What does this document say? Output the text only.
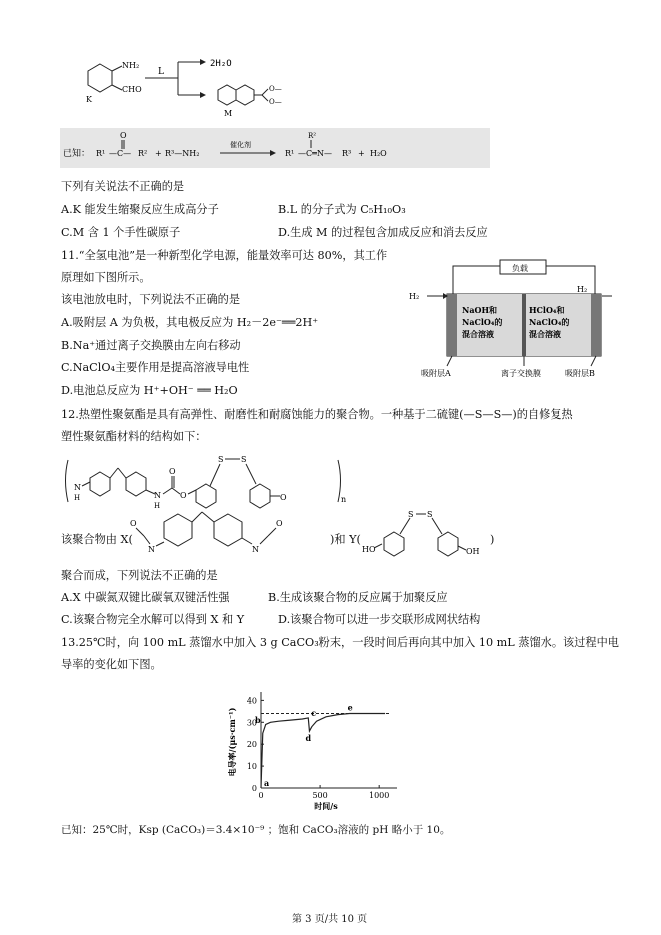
NH₂
CHO
K
L
2H₂O
O—
O—
M
已知： R¹ —C—
O
R² + R³—NH₂
催化剂
R¹ —C═N—
R²
R³ + H₂O
下列有关说法不正确的是
A.K 能发生缩聚反应生成高分子	B.L 的分子式为 C₅H₁₀O₃
C.M 含 1 个手性碳原子	D.生成 M 的过程包含加成反应和消去反应
11.“全氢电池”是一种新型化学电源，能量效率可达 80%，其工作
原理如下图所示。
该电池放电时，下列说法不正确的是
A.吸附层 A 为负极，其电极反应为 H₂－2e⁻══2H⁺
B.Na⁺通过离子交换膜由左向右移动
C.NaClO₄主要作用是提高溶液导电性
D.电池总反应为 H⁺+OH⁻ ══ H₂O
负载
NaOH和
NaClO₄的
混合溶液
HClO₄和
NaClO₄的
混合溶液
H₂
H₂
吸附层A	离子交换膜	吸附层B
12.热塑性聚氨酯是具有高弹性、耐磨性和耐腐蚀能力的聚合物。一种基于二硫键(—S—S—)的自修复热
塑性聚氨酯材料的结构如下：
n
N
H	N
H
O
O
S S
O
该聚合物由 X(
O
N	N
O
)和 Y(
HO
S S
OH
)
聚合而成，下列说法不正确的是
A.X 中碳氮双键比碳氧双键活性强	B.生成该聚合物的反应属于加聚反应
C.该聚合物完全水解可以得到 X 和 Y	D.该聚合物可以进一步交联形成网状结构
13.25℃时，向 100 mL 蒸馏水中加入 3 g CaCO₃粉末，一段时间后再向其中加入 10 mL 蒸馏水。该过程中电
导率的变化如下图。
0
10
20
30
40
0	500	1000
时间/s
电导率/(μs·cm⁻¹)
a
b
c
d
e
已知：25℃时，Ksp (CaCO₃)＝3.4×10⁻⁹ ；饱和 CaCO₃溶液的 pH 略小于 10。
第 3 页/共 10 页
